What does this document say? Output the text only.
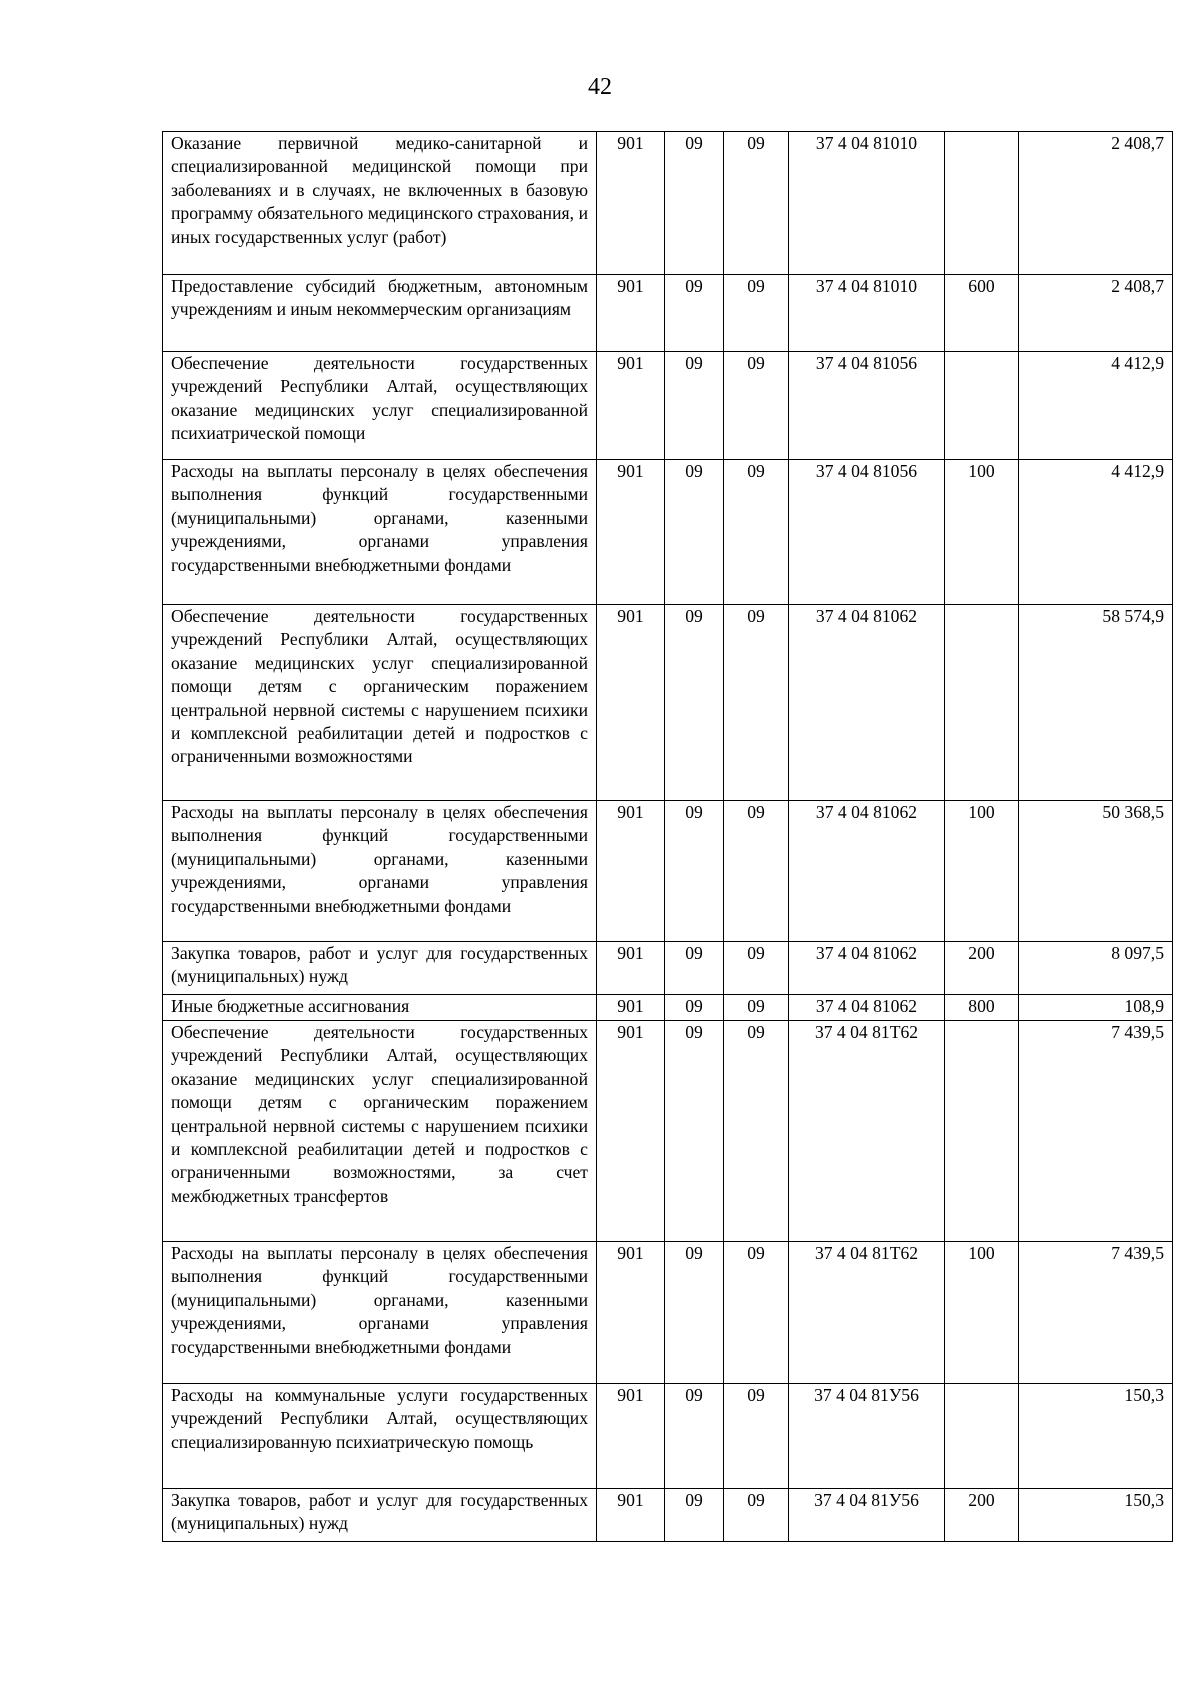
42
Оказание первичной медико-санитарной и специализированной медицинской помощи при заболеваниях и в случаях, не включенных в базовую программу обязательного медицинского страхования, и иных государственных услуг (работ)	901	09	09	37 4 04 81010		2 408,7
Предоставление субсидий бюджетным, автономным учреждениям и иным некоммерческим организациям	901	09	09	37 4 04 81010	600	2 408,7
Обеспечение деятельности государственных учреждений Республики Алтай, осуществляющих оказание медицинских услуг специализированной психиатрической помощи	901	09	09	37 4 04 81056		4 412,9
Расходы на выплаты персоналу в целях обеспечения выполнения функций государственными (муниципальными) органами, казенными учреждениями, органами управления государственными внебюджетными фондами	901	09	09	37 4 04 81056	100	4 412,9
Обеспечение деятельности государственных учреждений Республики Алтай, осуществляющих оказание медицинских услуг специализированной помощи детям с органическим поражением центральной нервной системы с нарушением психики и комплексной реабилитации детей и подростков с ограниченными возможностями	901	09	09	37 4 04 81062		58 574,9
Расходы на выплаты персоналу в целях обеспечения выполнения функций государственными (муниципальными) органами, казенными учреждениями, органами управления государственными внебюджетными фондами	901	09	09	37 4 04 81062	100	50 368,5
Закупка товаров, работ и услуг для государственных (муниципальных) нужд	901	09	09	37 4 04 81062	200	8 097,5
Иные бюджетные ассигнования	901	09	09	37 4 04 81062	800	108,9
Обеспечение деятельности государственных учреждений Республики Алтай, осуществляющих оказание медицинских услуг специализированной помощи детям с органическим поражением центральной нервной системы с нарушением психики и комплексной реабилитации детей и подростков с ограниченными возможностями, за счет межбюджетных трансфертов	901	09	09	37 4 04 81Т62		7 439,5
Расходы на выплаты персоналу в целях обеспечения выполнения функций государственными (муниципальными) органами, казенными учреждениями, органами управления государственными внебюджетными фондами	901	09	09	37 4 04 81Т62	100	7 439,5
Расходы на коммунальные услуги государственных учреждений Республики Алтай, осуществляющих специализированную психиатрическую помощь	901	09	09	37 4 04 81У56		150,3
Закупка товаров, работ и услуг для государственных (муниципальных) нужд	901	09	09	37 4 04 81У56	200	150,3
